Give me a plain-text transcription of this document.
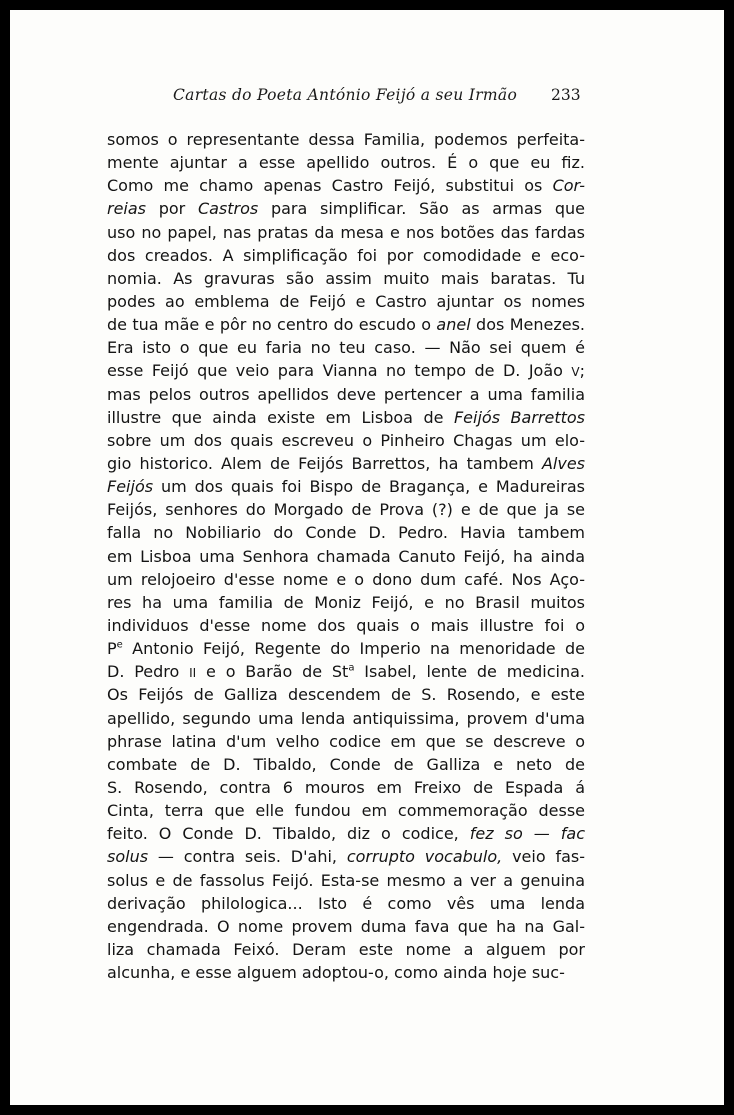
Cartas do Poeta António Feijó a seu Irmão 233
somos o representante dessa Familia, podemos perfeita-
mente ajuntar a esse apellido outros. É o que eu fiz.
Como me chamo apenas Castro Feijó, substitui os Cor-
reias por Castros para simplificar. São as armas que
uso no papel, nas pratas da mesa e nos botões das fardas
dos creados. A simplificação foi por comodidade e eco-
nomia. As gravuras são assim muito mais baratas. Tu
podes ao emblema de Feijó e Castro ajuntar os nomes
de tua mãe e pôr no centro do escudo o anel dos Menezes.
Era isto o que eu faria no teu caso. — Não sei quem é
esse Feijó que veio para Vianna no tempo de D. João V;
mas pelos outros apellidos deve pertencer a uma familia
illustre que ainda existe em Lisboa de Feijós Barrettos
sobre um dos quais escreveu o Pinheiro Chagas um elo-
gio historico. Alem de Feijós Barrettos, ha tambem Alves
Feijós um dos quais foi Bispo de Bragança, e Madureiras
Feijós, senhores do Morgado de Prova (?) e de que ja se
falla no Nobiliario do Conde D. Pedro. Havia tambem
em Lisboa uma Senhora chamada Canuto Feijó, ha ainda
um relojoeiro d'esse nome e o dono dum café. Nos Aço-
res ha uma familia de Moniz Feijó, e no Brasil muitos
individuos d'esse nome dos quais o mais illustre foi o
$P^e$ Antonio Feijó, Regente do Imperio na menoridade de
D. Pedro II e o Barão de St$^a$ Isabel, lente de medicina.
Os Feijós de Galliza descendem de S. Rosendo, e este
apellido, segundo uma lenda antiquissima, provem d'uma
phrase latina d'um velho codice em que se descreve o
combate de D. Tibaldo, Conde de Galliza e neto de
S. Rosendo, contra 6 mouros em Freixo de Espada á
Cinta, terra que elle fundou em commemoração desse
feito. O Conde D. Tibaldo, diz o codice, fez so — fac
solus — contra seis. D'ahi, corrupto vocabulo, veio fas-
solus e de fassolus Feijó. Esta-se mesmo a ver a genuina
derivação philologica... Isto é como vês uma lenda
engendrada. O nome provem duma fava que ha na Gal-
liza chamada Feixó. Deram este nome a alguem por
alcunha, e esse alguem adoptou-o, como ainda hoje suc-
